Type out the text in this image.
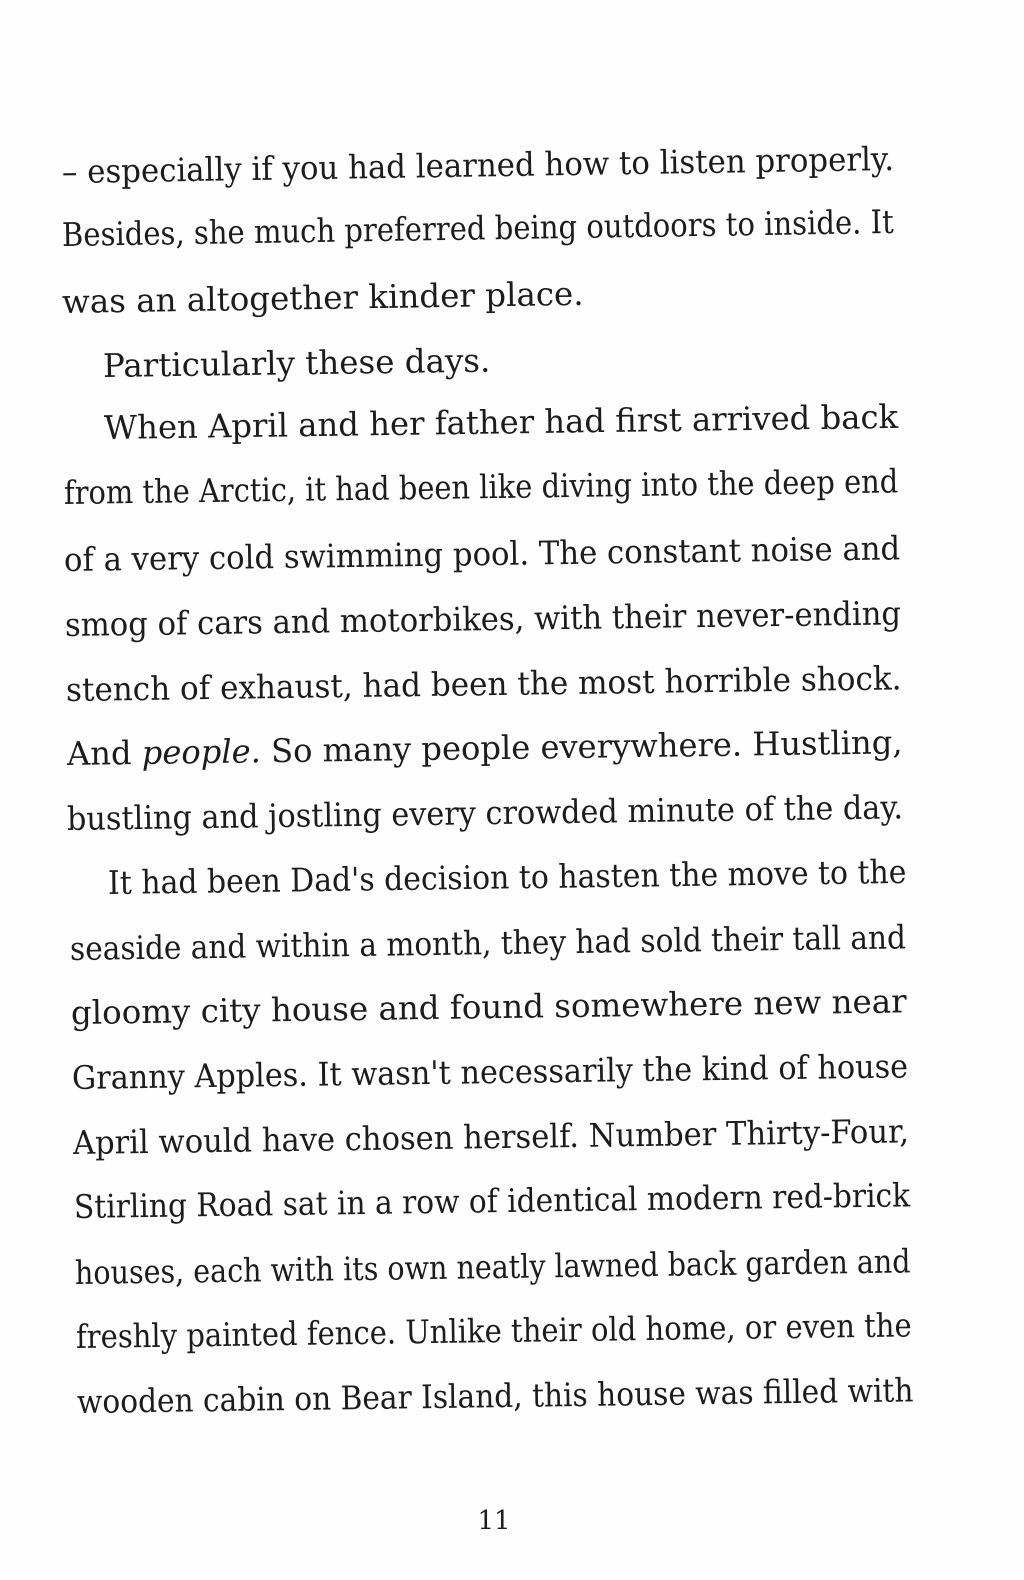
– especially if you had learned how to listen properly.
Besides, she much preferred being outdoors to inside. It
was an altogether kinder place.
Particularly these days.
When April and her father had first arrived back
from the Arctic, it had been like diving into the deep end
of a very cold swimming pool. The constant noise and
smog of cars and motorbikes, with their never-ending
stench of exhaust, had been the most horrible shock.
And people. So many people everywhere. Hustling,
bustling and jostling every crowded minute of the day.
It had been Dad's decision to hasten the move to the
seaside and within a month, they had sold their tall and
gloomy city house and found somewhere new near
Granny Apples. It wasn't necessarily the kind of house
April would have chosen herself. Number Thirty-Four,
Stirling Road sat in a row of identical modern red-brick
houses, each with its own neatly lawned back garden and
freshly painted fence. Unlike their old home, or even the
wooden cabin on Bear Island, this house was filled with
11
